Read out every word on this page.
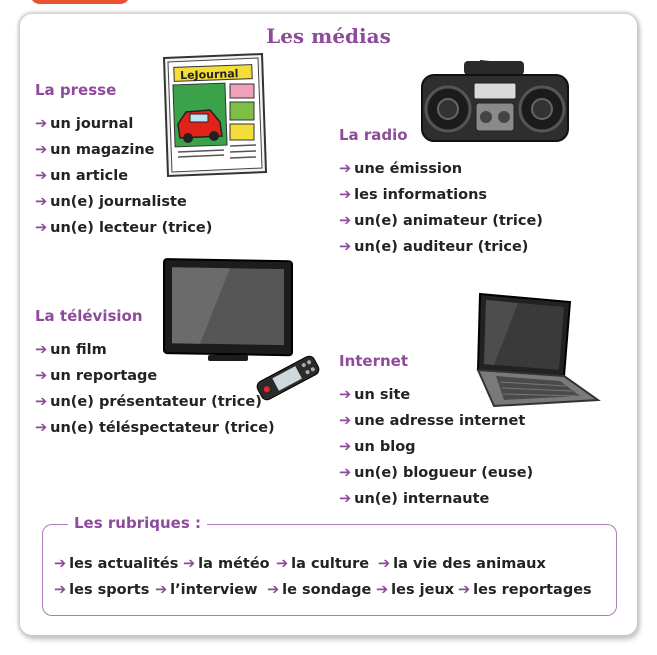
Les médias
LeJournal
La presse
➔ un journal
➔ un magazine
➔ un article
➔ un(e) journaliste
➔ un(e) lecteur (trice)
La radio
➔ une émission
➔ les informations
➔ un(e) animateur (trice)
➔ un(e) auditeur (trice)
La télévision
➔ un film
➔ un reportage
➔ un(e) présentateur (trice)
➔ un(e) téléspectateur (trice)
Internet
➔ un site
➔ une adresse internet
➔ un blog
➔ un(e) blogueur (euse)
➔ un(e) internaute
Les rubriques :
➔ les actualités ➔ la météo ➔ la culture ➔ la vie des animaux
➔ les sports ➔ l’interview ➔ le sondage ➔ les jeux ➔ les reportages
